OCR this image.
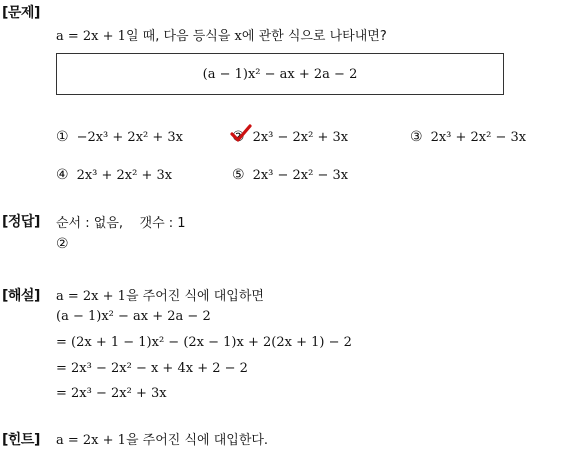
[문제]
a = 2x + 1일 때, 다음 등식을 x에 관한 식으로 나타내면?
(a − 1)x² − ax + 2a − 2
① −2x³ + 2x² + 3x	② 2x³ − 2x² + 3x	③ 2x³ + 2x² − 3x
④ 2x³ + 2x² + 3x	⑤ 2x³ − 2x² − 3x
[정답] 순서 : 없음,    갯수 : 1
②
[해설] a = 2x + 1을 주어진 식에 대입하면
(a − 1)x² − ax + 2a − 2
= (2x + 1 − 1)x² − (2x − 1)x + 2(2x + 1) − 2
= 2x³ − 2x² − x + 4x + 2 − 2
= 2x³ − 2x² + 3x
[힌트] a = 2x + 1을 주어진 식에 대입한다.
